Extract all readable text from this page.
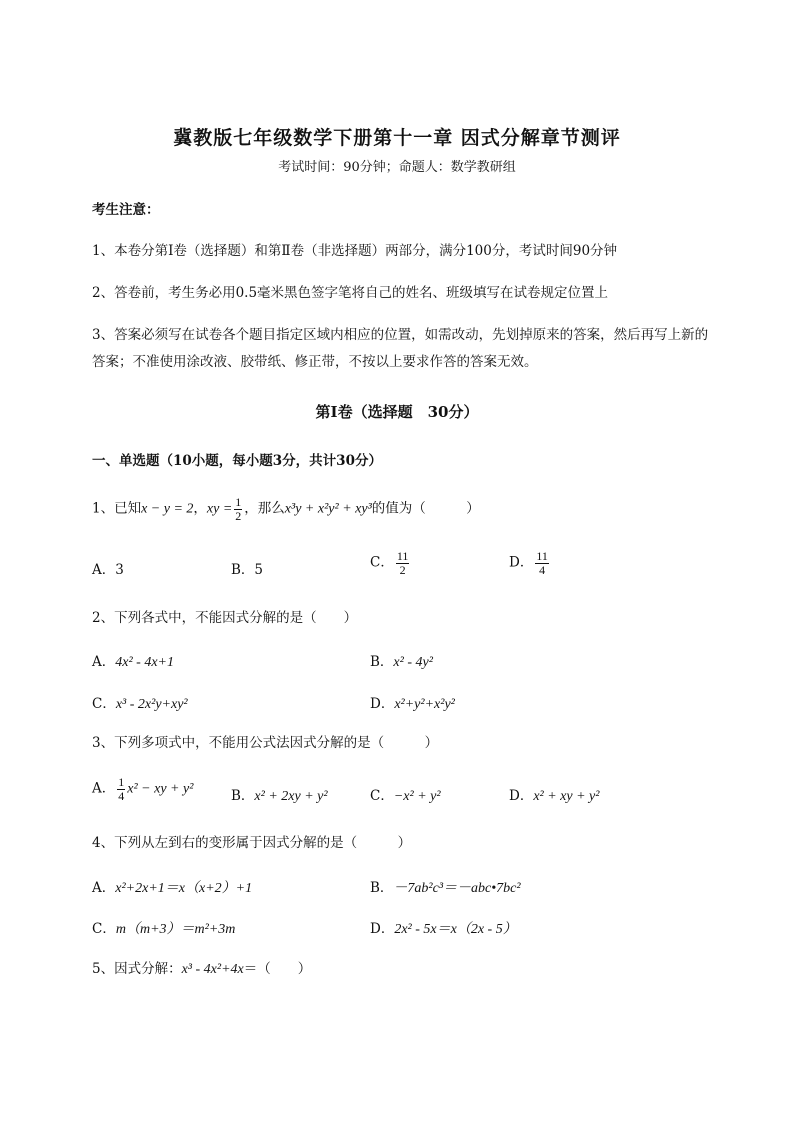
冀教版七年级数学下册第十一章 因式分解章节测评
考试时间：90分钟；命题人：数学教研组
考生注意：
1、本卷分第I卷（选择题）和第Ⅱ卷（非选择题）两部分，满分100分，考试时间90分钟
2、答卷前，考生务必用0.5毫米黑色签字笔将自己的姓名、班级填写在试卷规定位置上
3、答案必须写在试卷各个题目指定区域内相应的位置，如需改动，先划掉原来的答案，然后再写上新的答案；不准使用涂改液、胶带纸、修正带，不按以上要求作答的答案无效。
第I卷（选择题　30分）
一、单选题（10小题，每小题3分，共计30分）
1、已知x − y = 2，xy = $\frac{1}{2}$ ，那么x³y + x²y² + xy³的值为（　　　）
A．3	B．5	C． $\frac{11}{2}$	D． $\frac{11}{4}$
2、下列各式中，不能因式分解的是（　　）
A．4x² - 4x+1	B．x² - 4y²
C．x³ - 2x²y+xy²	D．x²+y²+x²y²
3、下列多项式中，不能用公式法因式分解的是（　　　）
A． $\frac{1}{4} x^2$ − xy + y²	B．x² + 2xy + y²	C．−x² + y²	D．x² + xy + y²
4、下列从左到右的变形属于因式分解的是（　　　）
A．x²+2x+1＝x（x+2）+1	B．－7ab²c³＝－abc•7bc²
C．m（m+3）＝m²+3m	D．2x² - 5x＝x（2x - 5）
5、因式分解：x³ - 4x²+4x＝（　　）
